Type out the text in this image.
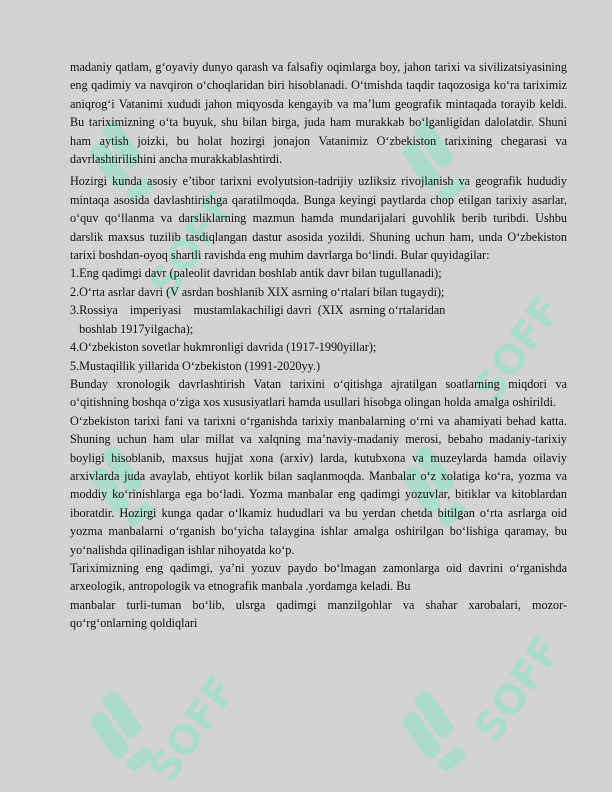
SOFF
SOFF
SOFF
SOFF

madaniy qatlam, g‘oyaviy dunyo qarash va falsafiy oqimlarga boy, jahon tarixi va sivilizatsiyasining eng qadimiy va navqiron o‘choqlaridan biri hisoblanadi. O‘tmishda taqdir taqozosiga ko‘ra tariximiz aniqrog‘i Vatanimi xududi jahon miqyosda kengayib va ma’lum geografik mintaqada torayib keldi. Bu tariximizning o‘ta buyuk, shu bilan birga, juda ham murakkab bo‘lganligidan dalolatdir. Shuni ham aytish joizki, bu holat hozirgi jonajon Vatanimiz O‘zbekiston tarixining chegarasi va davrlashtirilishini ancha murakkablashtirdi.

Hozirgi kunda asosiy e’tibor tarixni evolyutsion-tadrijiy uzliksiz rivojlanish va geografik hududiy mintaqa asosida davlashtirishga qaratilmoqda. Bunga keyingi paytlarda chop etilgan tarixiy asarlar, o‘quv qo‘llanma va darsliklarning mazmun hamda mundarijalari guvohlik berib turibdi. Ushbu darslik maxsus tuzilib tasdiqlangan dastur asosida yozildi. Shuning uchun ham, unda O‘zbekiston tarixi boshdan-oyoq shartli ravishda eng muhim davrlarga bo‘lindi. Bular quyidagilar:

1.Eng qadimgi davr (paleolit davridan boshlab antik davr bilan tugullanadi);

2.O‘rta asrlar davri (V asrdan boshlanib XIX asrning o‘rtalari bilan tugaydi);

3.Rossiya    imperiyasi    mustamlakachiligi davri  (XIX  asrning o‘rtalaridan

boshlab 1917yilgacha);

4.O‘zbekiston sovetlar hukmronligi davrida (1917-1990yillar);

5.Mustaqillik yillarida O‘zbekiston (1991-2020yy.)

Bunday xronologik davrlashtirish Vatan tarixini o‘qitishga ajratilgan soatlarning miqdori va o‘qitishning boshqa o‘ziga xos xususiyatlari hamda usullari hisobga olingan holda amalga oshirildi.

O‘zbekiston tarixi fani va tarixni o‘rganishda tarixiy manbalarning o‘rni va ahamiyati behad katta. Shuning uchun ham ular millat va xalqning ma’naviy-madaniy merosi, bebaho madaniy-tarixiy boyligi hisoblanib, maxsus hujjat xona (arxiv) larda, kutubxona va muzeylarda hamda oilaviy arxivlarda juda avaylab, ehtiyot korlik bilan saqlanmoqda. Manbalar o‘z xolatiga ko‘ra, yozma va moddiy ko‘rinishlarga ega bo‘ladi. Yozma manbalar eng qadimgi yozuvlar, bitiklar va kitoblardan iboratdir. Hozirgi kunga qadar o‘lkamiz hududlari va bu yerdan chetda bitilgan o‘rta asrlarga oid yozma manbalarni o‘rganish bo‘yicha talaygina ishlar amalga oshirilgan bo‘lishiga qaramay, bu yo‘nalishda qilinadigan ishlar nihoyatda ko‘p.

Tariximizning eng qadimgi, ya’ni yozuv paydo bo‘lmagan zamonlarga oid davrini o‘rganishda arxeologik, antropologik va etnografik manbala .yordamga keladi. Bu

manbalar turli-tuman bo‘lib, ulsrga qadimgi manzilgohlar va shahar xarobalari, mozor-qo‘rg‘onlarning qoldiqlari
